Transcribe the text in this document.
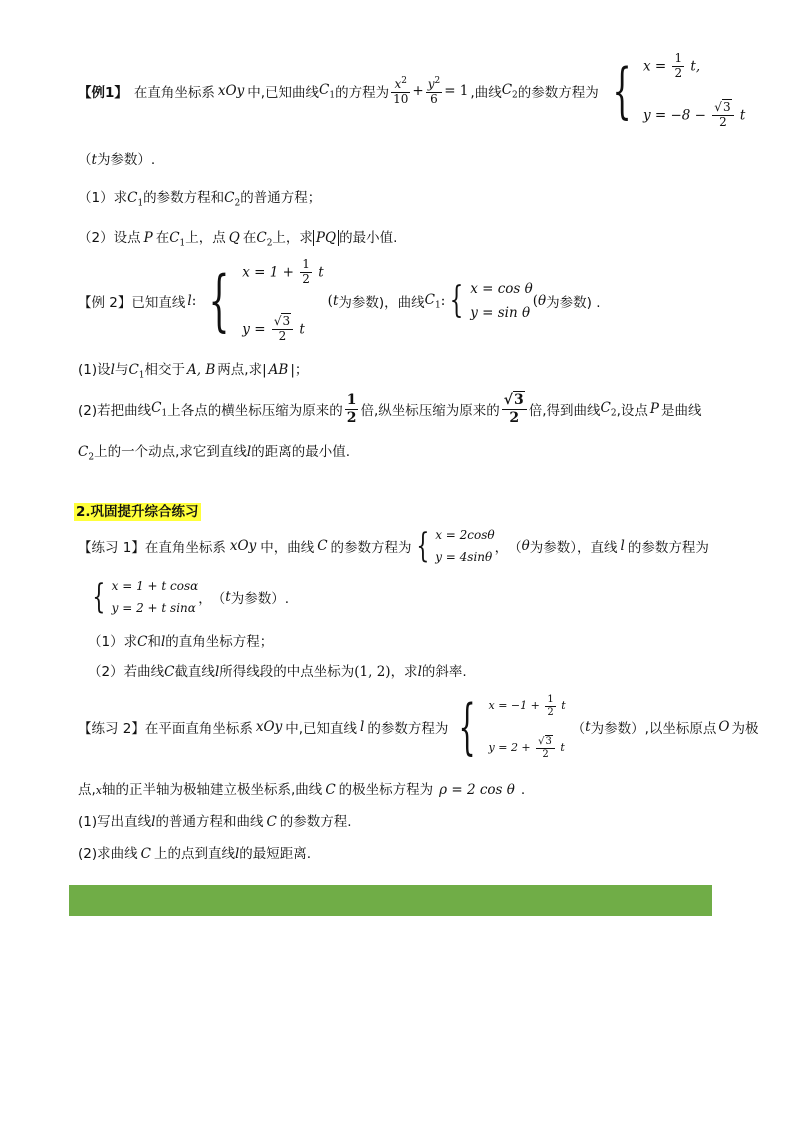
【例1】 在直角坐标系 xOy 中,已知曲线 $C_1$ 的方程为 $\frac{x^2}{10} + \frac{y^2}{6} = 1$ ,曲线 $C_2$ 的参数方程为 { $x = \frac{1}{2} t$,
$y = -8 - \frac{√3}{2}$ t
（t为参数）.
（1）求$C_1$的参数方程和$C_2$的普通方程；
（2）设点 P 在$C_1$上，点 Q 在$C_2$上，求 PQ 的最小值.
【例 2】已知直线 l : { $x = 1 + \frac{1}{2}$ t
$y = \frac{√3}{2}$ t
( t 为参数)，曲线 $C_1$ : { x = cos θ
y = sin θ
( θ 为参数) .
(1)设l与$C_1$相交于 A, B 两点,求| AB |；
(2)若把曲线 $C_1$ 上各点的横坐标压缩为原来的 $\frac{1}{2}$ 倍,纵坐标压缩为原来的 $\frac{√3}{2}$ 倍,得到曲线 $C_2$ ,设点 P 是曲线
$C_2$上的一个动点,求它到直线l的距离的最小值.
2.巩固提升综合练习
【练习 1】在直角坐标系 xOy 中，曲线 C 的参数方程为 { x = 2cosθ
y = 4sinθ
， （ θ 为参数），直线 l 的参数方程为
{ x = 1 + t cosα
y = 2 + t sinα
， （ t 为参数）.
（1）求C和l的直角坐标方程；
（2）若曲线C截直线l所得线段的中点坐标为(1, 2)，求l的斜率.
【练习 2】在平面直角坐标系 xOy 中,已知直线 l 的参数方程为 { $x = -1 + \frac{1}{2}$ t
$y = 2 + \frac{√3}{2}$ t
（ t 为参数）,以坐标原点 O 为极
点,x轴的正半轴为极轴建立极坐标系,曲线 C 的极坐标方程为 ρ = 2 cos θ .
(1)写出直线l的普通方程和曲线 C 的参数方程.
(2)求曲线 C 上的点到直线l的最短距离.
